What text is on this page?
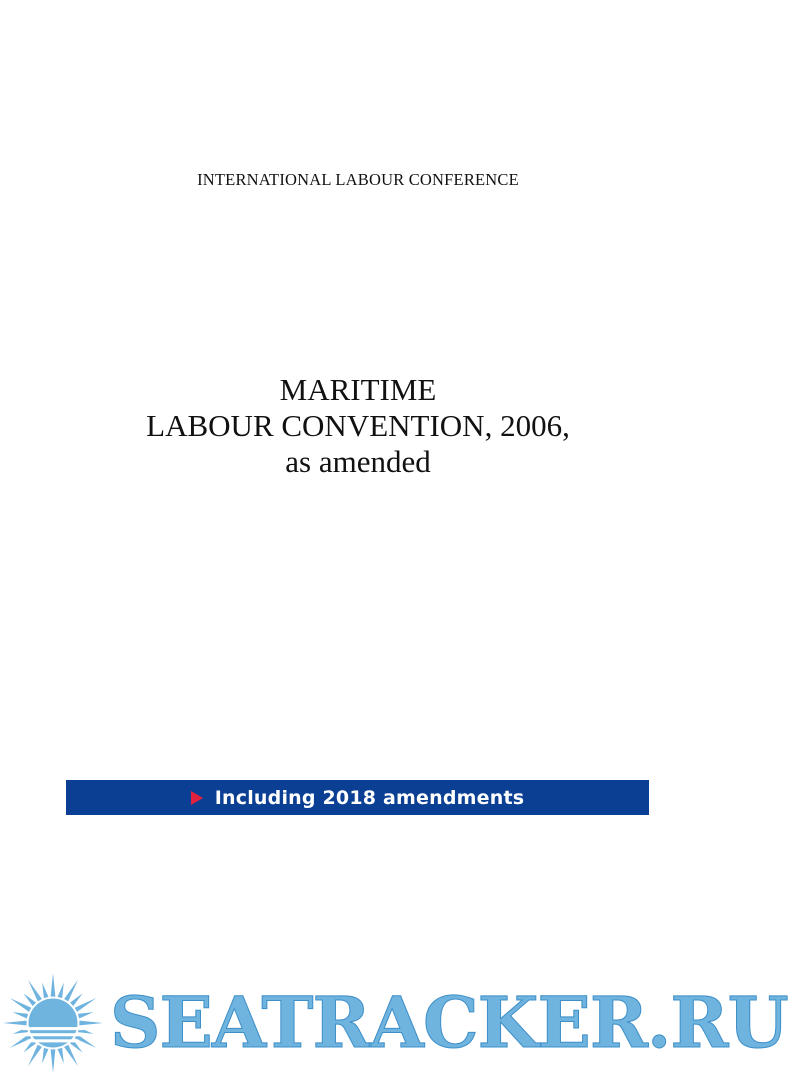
INTERNATIONAL LABOUR CONFERENCE
MARITIME
LABOUR CONVENTION, 2006,
as amended
Including 2018 amendments
SEATRACKER.RU
